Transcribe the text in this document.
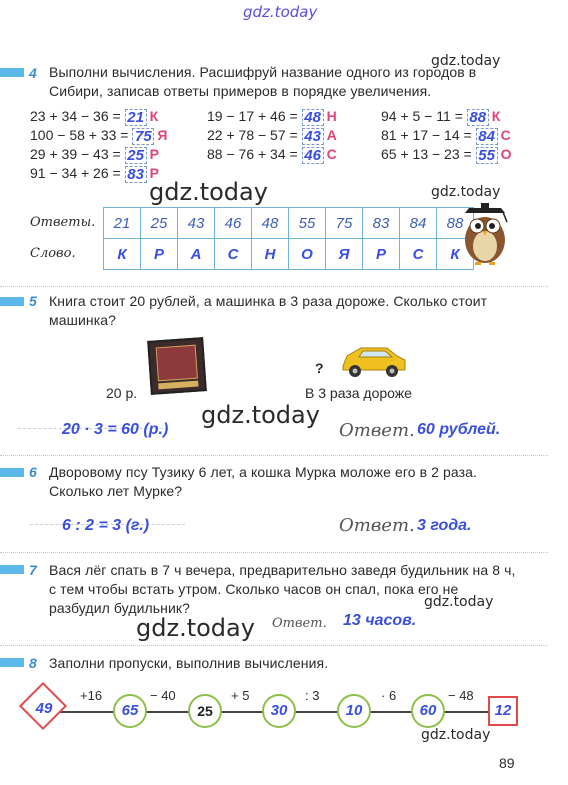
gdz.today
gdz.today
gdz.today	gdz.today
gdz.today
gdz.today
gdz.today
gdz.today
4 Выполни вычисления. Расшифруй название одного из городов в Сибири, записав ответы примеров в порядке увеличения.
23 + 34 − 36 = 21 К
100 − 58 + 33 = 75 Я
29 + 39 − 43 = 25 Р
91 − 34 + 26 = 83 Р
19 − 17 + 46 = 48 Н
22 + 78 − 57 = 43 А
88 − 76 + 34 = 46 С
94 + 5 − 11 = 88 К
81 + 17 − 14 = 84 С
65 + 13 − 23 = 55 О
Ответы.
Слово.
21	25	43	46	48	55	75	83	84	88
К	Р	А	С	Н	О	Я	Р	С	К
5 Книга стоит 20 рублей, а машинка в 3 раза дороже. Сколько стоит машинка?
20 р.
?
В 3 раза дороже
20 · 3 = 60 (р.)	Ответ. 60 рублей.
6 Дворовому псу Тузику 6 лет, а кошка Мурка моложе его в 2 раза. Сколько лет Мурке?
6 : 2 = 3 (г.)	Ответ. 3 года.
7 Вася лёг спать в 7 ч вечера, предварительно заведя будильник на 8 ч, с тем чтобы встать утром. Сколько часов он спал, пока его не разбудил будильник?
Ответ. 13 часов.
8 Заполни пропуски, выполнив вычисления.
49
+16
65
− 40
25
+ 5
30
: 3
10
· 6
60
− 48
12
89
